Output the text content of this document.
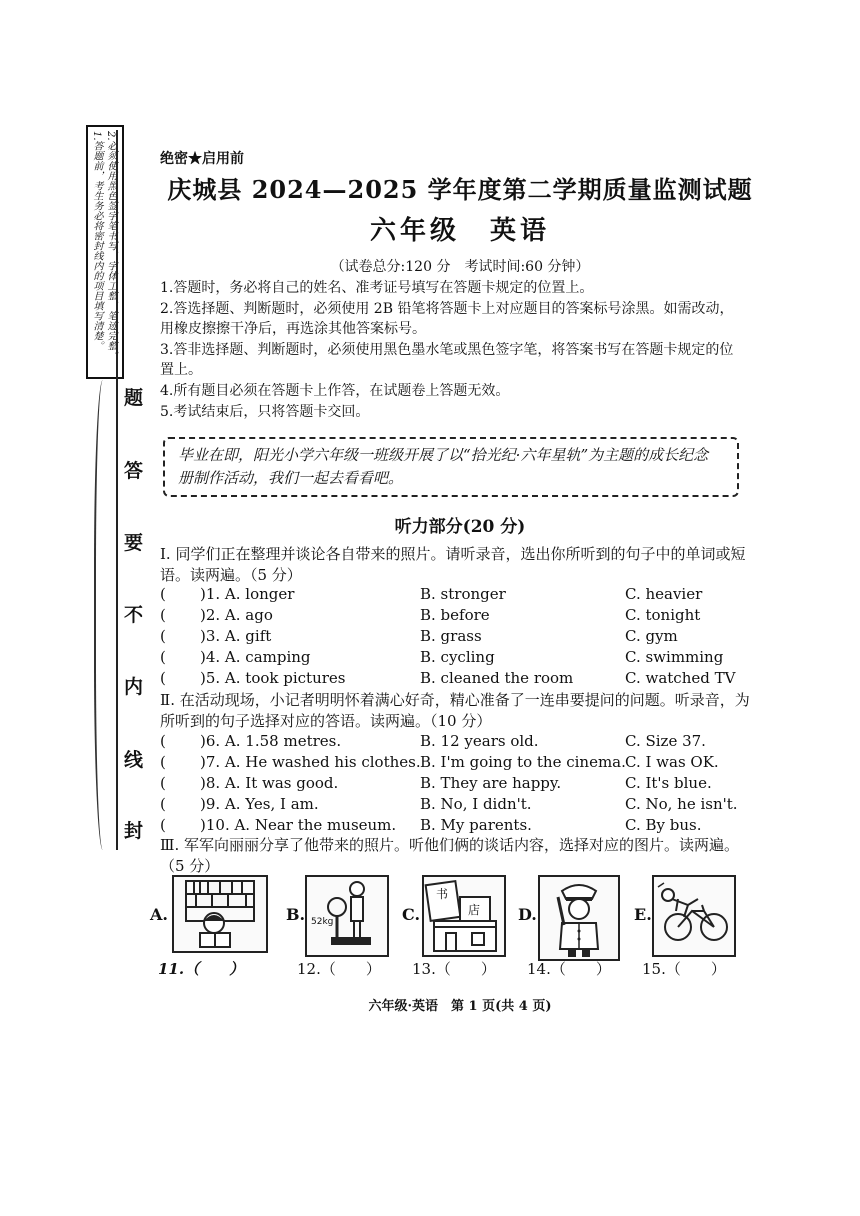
1.答题前，考生务必将密封线内的项目填写清楚。 2.必须使用黑色签字笔书写，字体工整，笔迹完整。
题
答
要
不
内
线
封
绝密★启用前
庆城县 2024—2025 学年度第二学期质量监测试题
六年级　英语
（试卷总分:120 分　考试时间:60 分钟）
1.答题时，务必将自己的姓名、准考证号填写在答题卡规定的位置上。
2.答选择题、判断题时，必须使用 2B 铅笔将答题卡上对应题目的答案标号涂黑。如需改动，用橡皮擦擦干净后，再选涂其他答案标号。
3.答非选择题、判断题时，必须使用黑色墨水笔或黑色签字笔，将答案书写在答题卡规定的位置上。
4.所有题目必须在答题卡上作答，在试题卷上答题无效。
5.考试结束后，只将答题卡交回。
毕业在即，阳光小学六年级一班级开展了以“拾光纪·六年星轨”为主题的成长纪念册制作活动，我们一起去看看吧。
听力部分(20 分)
Ⅰ. 同学们正在整理并谈论各自带来的照片。请听录音，选出你所听到的句子中的单词或短语。读两遍。（5 分）
( )1. A. longer	B. stronger	C. heavier
( )2. A. ago	B. before	C. tonight
( )3. A. gift	B. grass	C. gym
( )4. A. camping	B. cycling	C. swimming
( )5. A. took pictures	B. cleaned the room	C. watched TV
Ⅱ. 在活动现场，小记者明明怀着满心好奇，精心准备了一连串要提问的问题。听录音，为所听到的句子选择对应的答语。读两遍。（10 分）
( )6. A. 1.58 metres.	B. 12 years old.	C. Size 37.
( )7. A. He washed his clothes. B. I'm going to the cinema. C. I was OK.
( )8. A. It was good.	B. They are happy.	C. It's blue.
( )9. A. Yes, I am.	B. No, I didn't.	C. No, he isn't.
( )10. A. Near the museum. B. My parents.	C. By bus.
Ⅲ. 军军向丽丽分享了他带来的照片。听他们俩的谈话内容，选择对应的图片。读两遍。（5 分）
A.	B. 52kg	C.
书
店 D.	E.
11.（　　）	12.（　　） 13.（　　） 14.（　　） 15.（　　）
六年级·英语　第 1 页(共 4 页)
